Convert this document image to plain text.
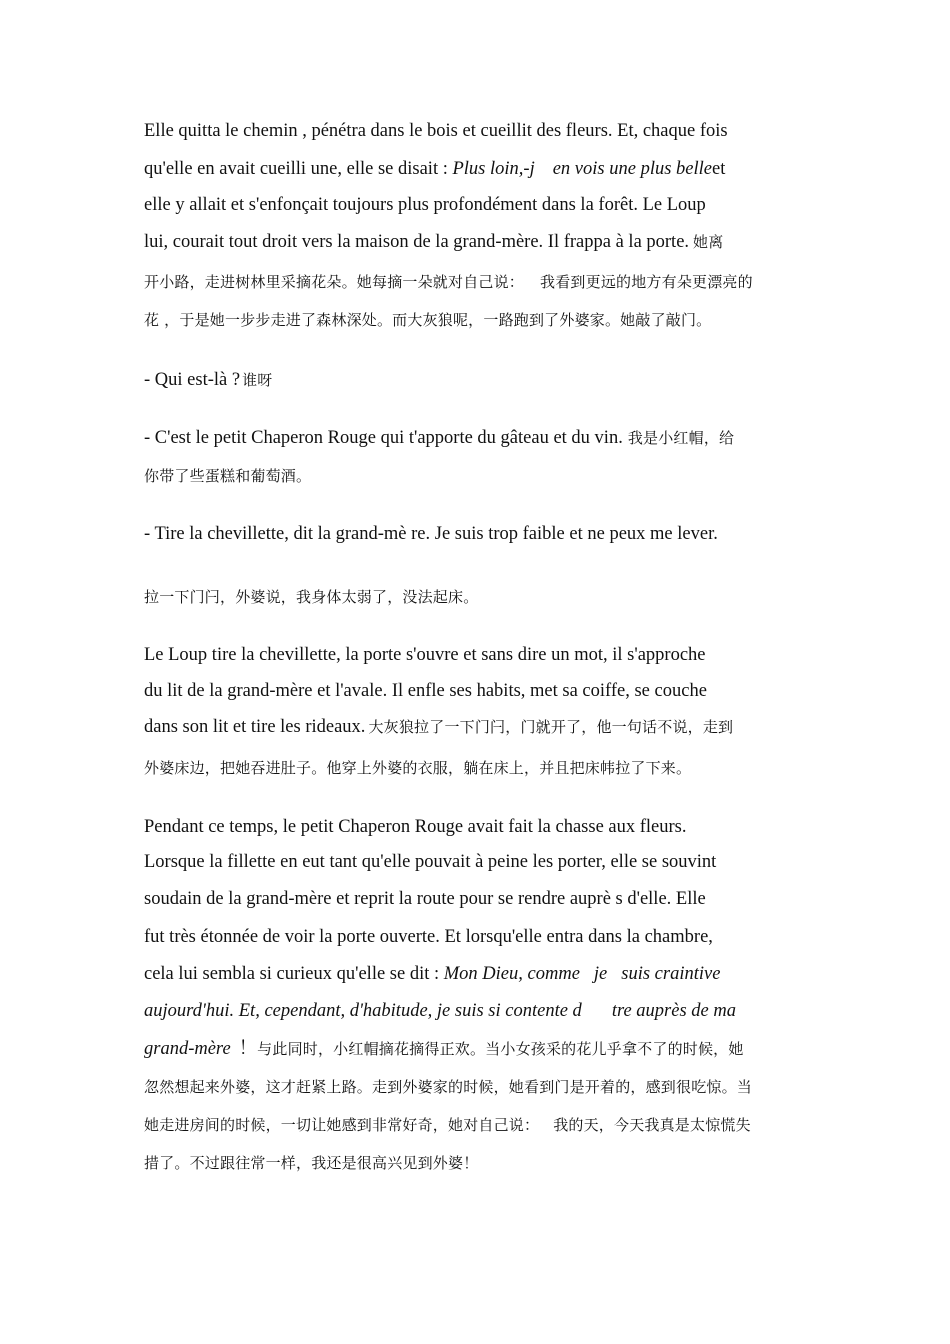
Elle quitta le chemin , pénétra dans le bois et cueillit des fleurs. Et, chaque fois
qu'elle en avait cueilli une, elle se disait : Plus loin,-j en vois une plus belleet
elle y allait et s'enfonçait toujours plus profondément dans la forêt. Le Loup
lui, courait tout droit vers la maison de la grand-mère. Il frappa à la porte. 她离
开小路，走进树林里采摘花朵。她每摘一朵就对自己说： 我看到更远的地方有朵更漂亮的
花 ，于是她一步步走进了森林深处。而大灰狼呢，一路跑到了外婆家。她敲了敲门。
- Qui est-là ? 谁呀
- C'est le petit Chaperon Rouge qui t'apporte du gâteau et du vin. 我是小红帽，给
你带了些蛋糕和葡萄酒。
- Tire la chevillette, dit la grand-mè re. Je suis trop faible et ne peux me lever.
拉一下门闩，外婆说，我身体太弱了，没法起床。
Le Loup tire la chevillette, la porte s'ouvre et sans dire un mot, il s'approche
du lit de la grand-mère et l'avale. Il enfle ses habits, met sa coiffe, se couche
dans son lit et tire les rideaux. 大灰狼拉了一下门闩，门就开了，他一句话不说，走到
外婆床边，把她吞进肚子。他穿上外婆的衣服，躺在床上，并且把床帏拉了下来。
Pendant ce temps, le petit Chaperon Rouge avait fait la chasse aux fleurs.
Lorsque la fillette en eut tant qu'elle pouvait à peine les porter, elle se souvint
soudain de la grand-mère et reprit la route pour se rendre auprè s d'elle. Elle
fut très étonnée de voir la porte ouverte. Et lorsqu'elle entra dans la chambre,
cela lui sembla si curieux qu'elle se dit : Mon Dieu, comme je suis craintive
aujourd'hui. Et, cependant, d'habitude, je suis si contente d tre auprès de ma
grand-mère ！与此同时，小红帽摘花摘得正欢。当小女孩采的花儿乎拿不了的时候，她
忽然想起来外婆，这才赶紧上路。走到外婆家的时候，她看到门是开着的，感到很吃惊。当
她走进房间的时候，一切让她感到非常好奇，她对自己说： 我的天，今天我真是太惊慌失
措了。不过跟往常一样，我还是很高兴见到外婆！
